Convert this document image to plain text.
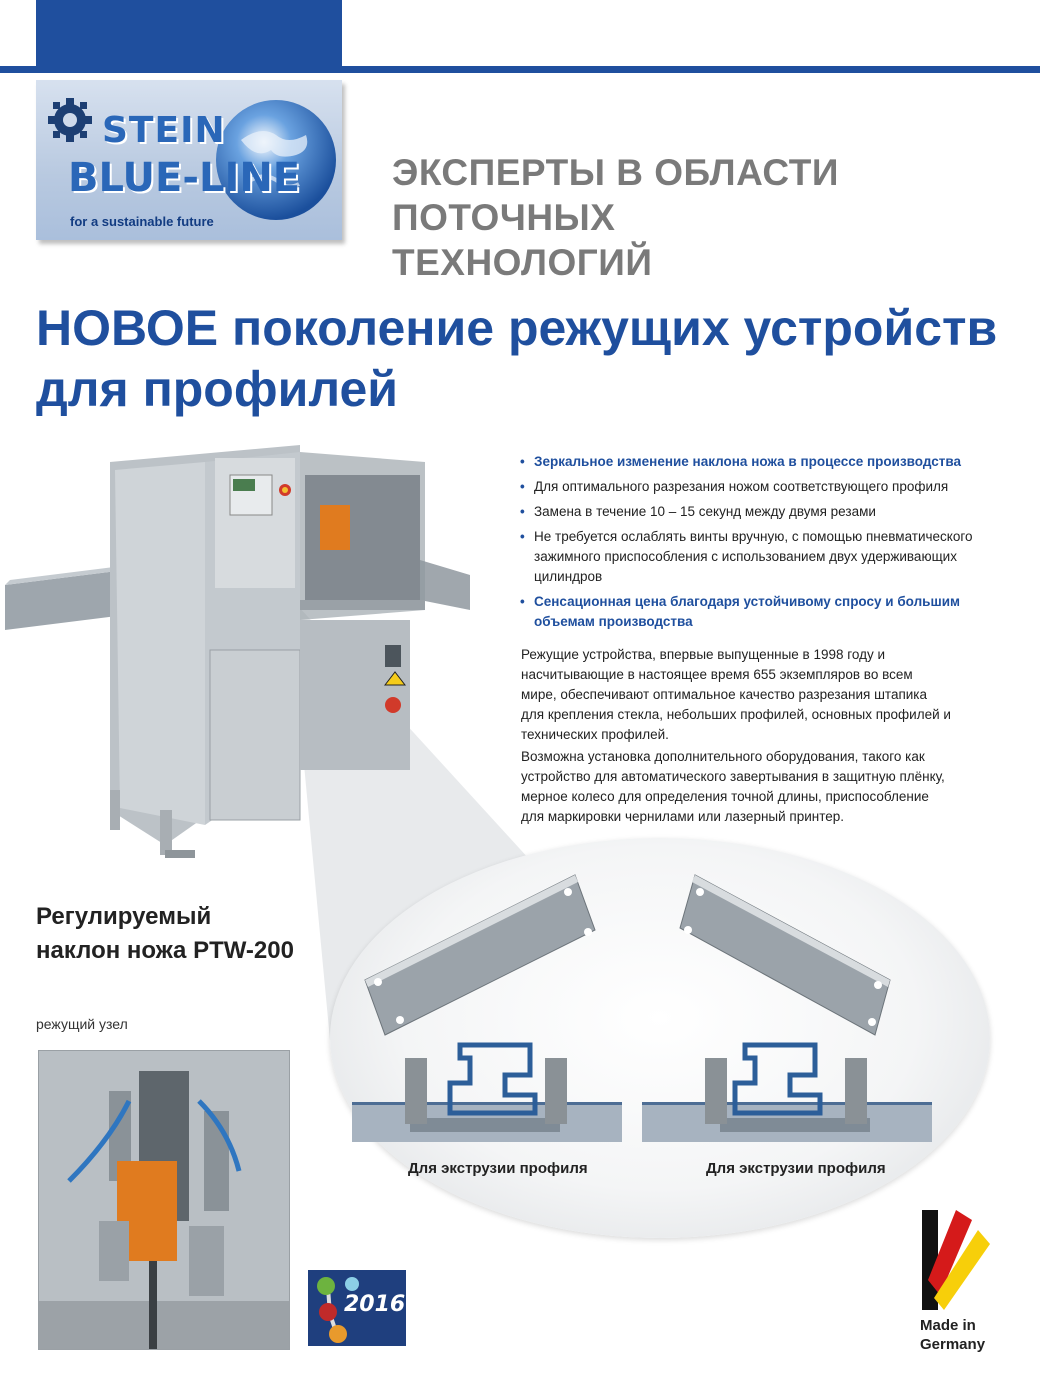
STEIN
BLUE-LINE
for a sustainable future
ЭКСПЕРТЫ В ОБЛАСТИ ПОТОЧНЫХ
ТЕХНОЛОГИЙ
НОВОЕ поколение режущих устройств
для профилей
• Зеркальное изменение наклона ножа в процессе производства
• Для оптимального разрезания ножом соответствующего профиля
• Замена в течение 10 – 15 секунд между двумя резами
• Не требуется ослаблять винты вручную, с помощью пневматического зажимного приспособления с использованием двух удерживающих цилиндров
• Сенсационная цена благодаря устойчивому спросу и большим объемам производства

Режущие устройства, впервые выпущенные в 1998 году и насчитывающие в настоящее время 655 экземпляров во всем мире, обеспечивают оптимальное качество разрезания штапика для крепления стекла, небольших профилей, основных профилей и технических профилей.

Возможна установка дополнительного оборудования, такого как устройство для автоматического завертывания в защитную плёнку, мерное колесо для определения точной длины, приспособление для маркировки чернилами или лазерный принтер.

Для экструзии профиля	Для экструзии профиля
Регулируемый
наклон ножа PTW-200
режущий узел
2016
Made in
Germany
